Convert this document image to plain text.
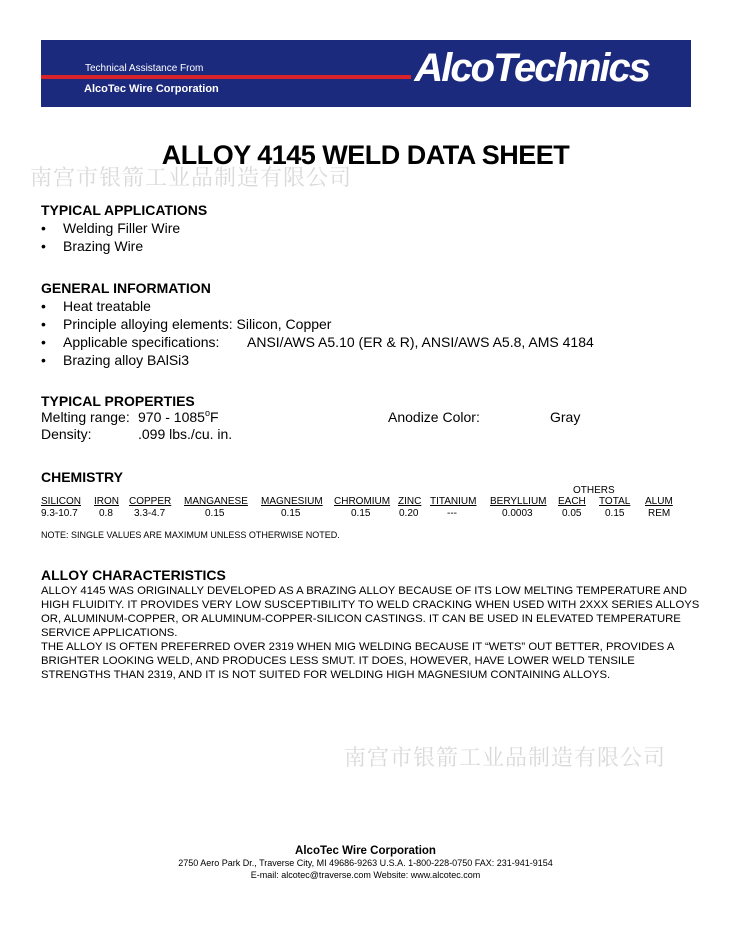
Technical Assistance From
AlcoTec Wire Corporation	AlcoTechnics
ALLOY 4145 WELD DATA SHEET
南宫市银箭工业品制造有限公司
南宫市银箭工业品制造有限公司
TYPICAL APPLICATIONS
• Welding Filler Wire
• Brazing Wire
GENERAL INFORMATION
• Heat treatable
• Principle alloying elements: Silicon, Copper
• Applicable specifications: ANSI/AWS A5.10 (ER & R), ANSI/AWS A5.8, AMS 4184
• Brazing alloy BAlSi3
TYPICAL PROPERTIES
Melting range: 970 - 1085$^o$F	Anodize Color:	Gray
Density:	.099 lbs./cu. in.
CHEMISTRY
OTHERS
SILICON IRON COPPER MANGANESE MAGNESIUM CHROMIUM ZINC TITANIUM BERYLLIUM EACH TOTAL ALUM
9.3-10.7 0.8 3.3-4.7	0.15	0.15	0.15	0.20	---	0.0003	0.05 0.15 REM
NOTE: SINGLE VALUES ARE MAXIMUM UNLESS OTHERWISE NOTED.
ALLOY CHARACTERISTICS

ALLOY 4145 WAS ORIGINALLY DEVELOPED AS A BRAZING ALLOY BECAUSE OF ITS LOW MELTING TEMPERATURE AND HIGH FLUIDITY. IT PROVIDES VERY LOW SUSCEPTIBILITY TO WELD CRACKING WHEN USED WITH 2XXX SERIES ALLOYS OR, ALUMINUM-COPPER, OR ALUMINUM-COPPER-SILICON CASTINGS. IT CAN BE USED IN ELEVATED TEMPERATURE SERVICE APPLICATIONS.

THE ALLOY IS OFTEN PREFERRED OVER 2319 WHEN MIG WELDING BECAUSE IT “WETS” OUT BETTER, PROVIDES A BRIGHTER LOOKING WELD, AND PRODUCES LESS SMUT. IT DOES, HOWEVER, HAVE LOWER WELD TENSILE STRENGTHS THAN 2319, AND IT IS NOT SUITED FOR WELDING HIGH MAGNESIUM CONTAINING ALLOYS.

AlcoTec Wire Corporation
2750 Aero Park Dr., Traverse City, MI 49686-9263 U.S.A. 1-800-228-0750 FAX: 231-941-9154
E-mail: alcotec@traverse.com Website: www.alcotec.com
